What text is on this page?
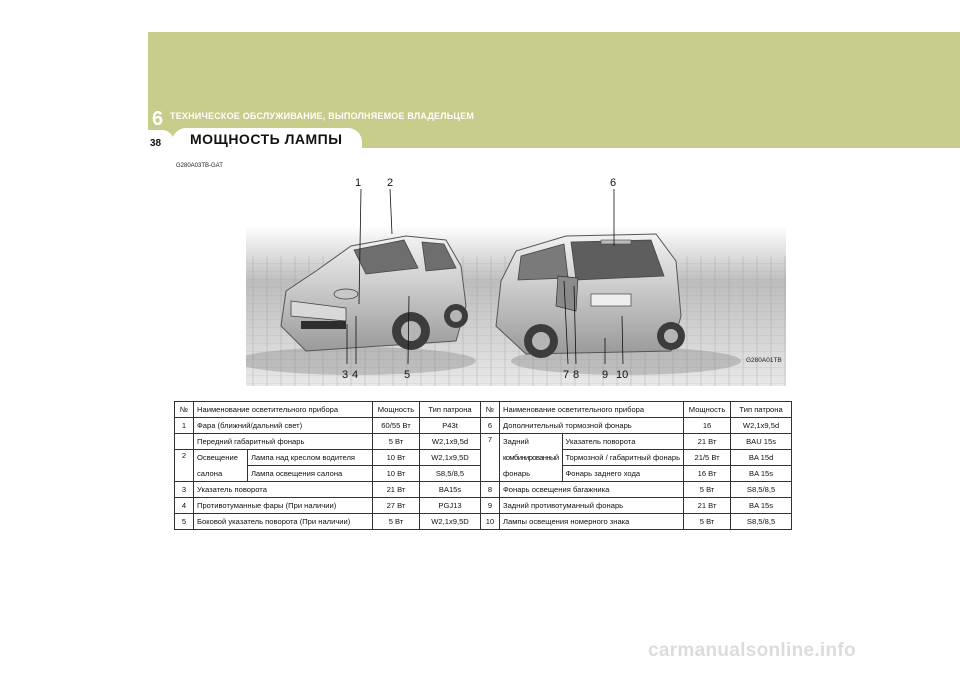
6 ТЕХНИЧЕСКОЕ ОБСЛУЖИВАНИЕ, ВЫПОЛНЯЕМОЕ ВЛАДЕЛЬЦЕМ
38 МОЩНОСТЬ ЛАМПЫ
G280A03TB-GAT
1 2	6
3 4	5	7 8 9 10
G280A01TB
№	Наименование осветительного прибора		Мощность	Тип патрона	№	Наименование осветительного прибора		Мощность	Тип патрона
1	Фара (ближний/дальний свет)		60/55 Вт	P43t	6	Дополнительный тормозной фонарь		16	W2,1x9,5d
	Передний габаритный фонарь		5 Вт	W2,1x9,5d	7	Задний	Указатель поворота	21 Вт	BAU 15s
2	Освещение	Лампа над креслом водителя	10 Вт	W2,1x9,5D		комбинированный	Тормозной / габаритный фонарь	21/5 Вт	BA 15d
	салона	Лампа освещения салона	10 Вт	S8,5/8,5		фонарь	Фонарь заднего хода	16 Вт	BA 15s
3	Указатель поворота		21 Вт	BA15s	8	Фонарь освещения багажника		5 Вт	S8,5/8,5
4	Противотуманные фары (При наличии)		27 Вт	PGJ13	9	Задний противотуманный фонарь		21 Вт	BA 15s
5	Боковой указатель поворота (При наличии)		5 Вт	W2,1x9,5D	10	Лампы освещения номерного знака		5 Вт	S8,5/8,5
carmanualsonline.info
